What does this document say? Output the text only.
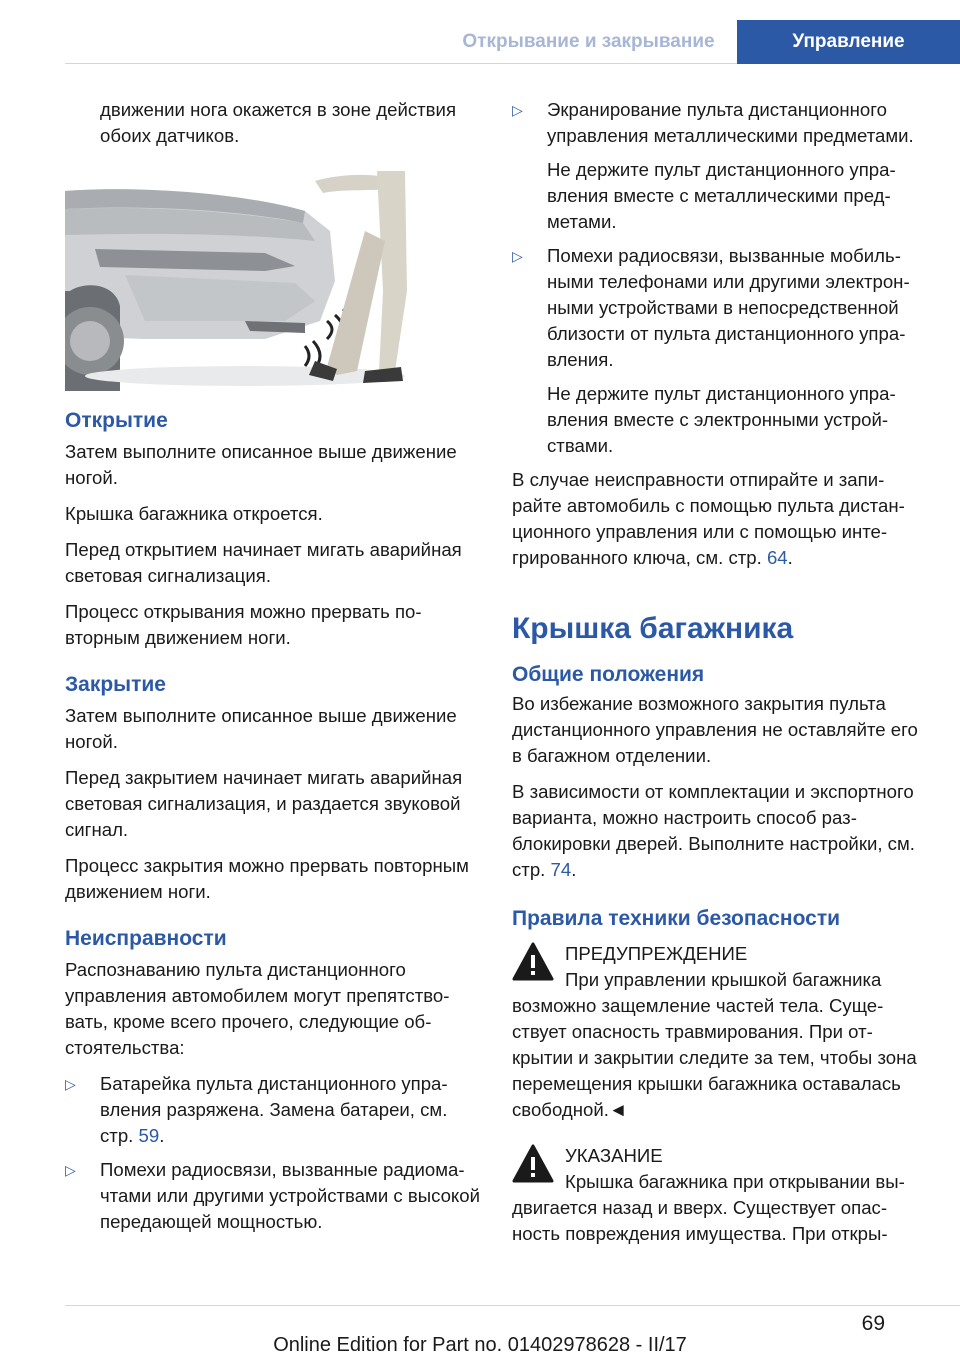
Открывание и закрывание	Управление

движении нога окажется в зоне действия обоих датчиков.

Открытие

Затем выполните описанное выше движение ногой.

Крышка багажника откроется.

Перед открытием начинает мигать аварийная световая сигнализация.

Процесс открывания можно прервать повторным движением ноги.

Закрытие

Затем выполните описанное выше движение ногой.

Перед закрытием начинает мигать аварийная световая сигнализация, и раздается звуковой сигнал.

Процесс закрытия можно прервать повторным движением ноги.

Неисправности

Распознаванию пульта дистанционного управления автомобилем могут препятствовать, кроме всего прочего, следующие обстоятельства:

▷ Батарейка пульта дистанционного управления разряжена. Замена батареи, см. стр. 59.
▷ Помехи радиосвязи, вызванные радиомачтами или другими устройствами с высокой передающей мощностью.
▷ Экранирование пульта дистанционного управления металлическими предметами.
Не держите пульт дистанционного управления вместе с металлическими предметами.
▷ Помехи радиосвязи, вызванные мобильными телефонами или другими электронными устройствами в непосредственной близости от пульта дистанционного управления.
Не держите пульт дистанционного управления вместе с электронными устройствами.

В случае неисправности отпирайте и запирайте автомобиль с помощью пульта дистанционного управления или с помощью интегрированного ключа, см. стр. 64.

Крышка багажника
Общие положения

Во избежание возможного закрытия пульта дистанционного управления не оставляйте его в багажном отделении.

В зависимости от комплектации и экспортного варианта, можно настроить способ разблокировки дверей. Выполните настройки, см. стр. 74.

Правила техники безопасности
ПРЕДУПРЕЖДЕНИЕ

При управлении крышкой багажника возможно защемление частей тела. Существует опасность травмирования. При открытии и закрытии следите за тем, чтобы зона перемещения крышки багажника оставалась свободной.◄

УКАЗАНИЕ

Крышка багажника при открывании выдвигается назад и вверх. Существует опасность повреждения имущества. При откры-

69
Online Edition for Part no. 01402978628 - II/17
